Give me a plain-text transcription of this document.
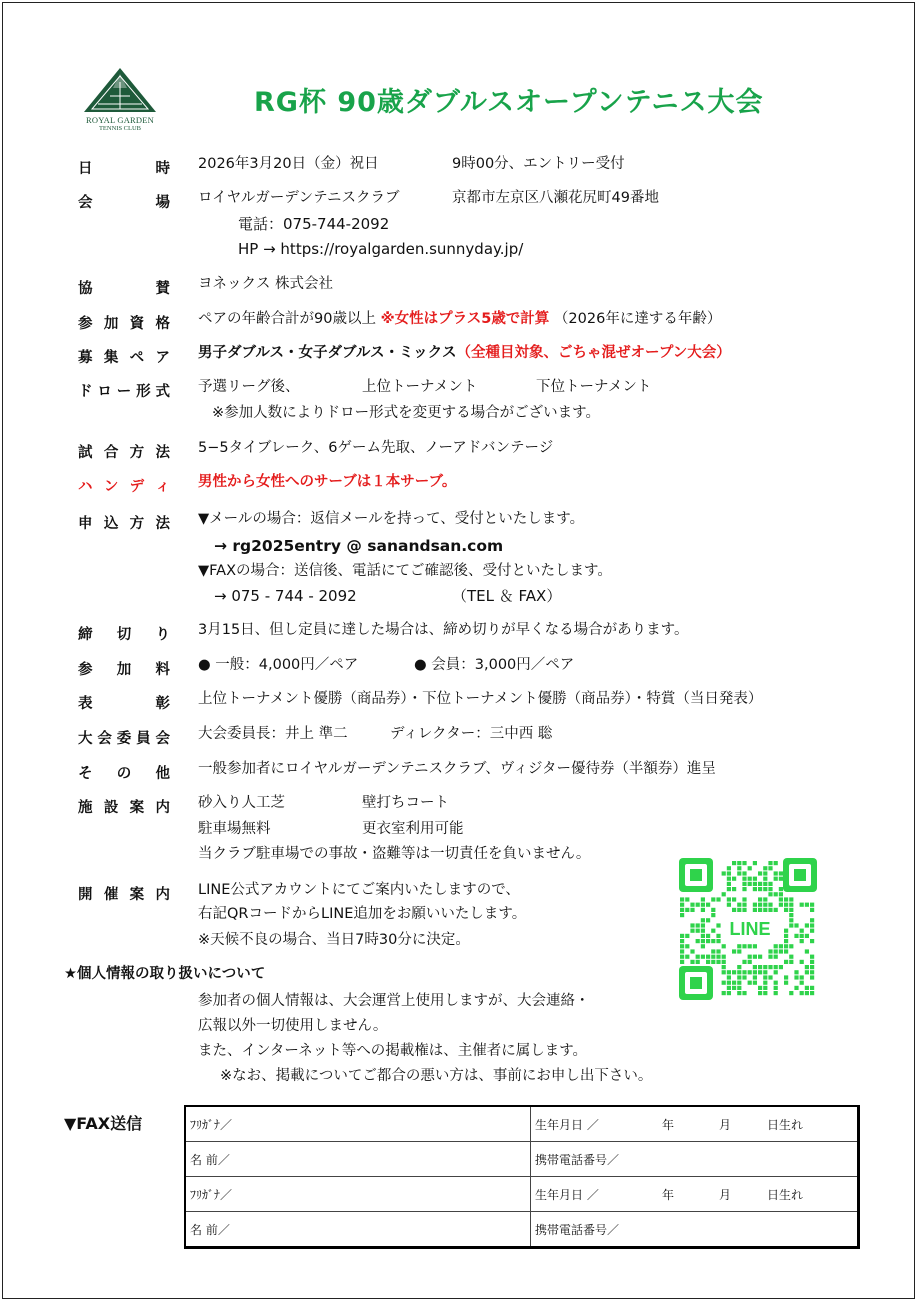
ROYAL GARDEN
TENNIS CLUB
RG杯 90歳ダブルスオープンテニス大会
日	時 2026年3月20日（金）祝日	9時00分、エントリー受付
会	場 ロイヤルガーデンテニスクラブ	京都市左京区八瀬花尻町49番地
電話：075-744-2092
HP → https://royalgarden.sunnyday.jp/
協	賛 ヨネックス 株式会社
参 加 資 格 ペアの年齢合計が90歳以上 ※女性はプラス5歳で計算 （2026年に達する年齢）
募 集 ペ ア 男子ダブルス・女子ダブルス・ミックス（全種目対象、ごちゃ混ぜオープン大会）
ド ロ ー 形 式 予選リーグ後、	上位トーナメント	下位トーナメント
※参加人数によりドロー形式を変更する場合がございます。
試 合 方 法 5−5タイブレーク、6ゲーム先取、ノーアドバンテージ
ハ ン デ ィ 男性から女性へのサーブは１本サーブ。
申 込 方 法 ▼メールの場合：返信メールを持って、受付といたします。
→ rg2025entry @ sanandsan.com
▼FAXの場合：送信後、電話にてご確認後、受付といたします。
→ 075 - 744 - 2092	（TEL ＆ FAX）
締 切 り 3月15日、但し定員に達した場合は、締め切りが早くなる場合があります。
参 加 料 ● 一般：4,000円／ペア	● 会員：3,000円／ペア
表	彰 上位トーナメント優勝（商品券）・下位トーナメント優勝（商品券）・特賞（当日発表）
大 会 委 員 会 大会委員長：井上 準二	ディレクター：三中西 聡
そ の 他 一般参加者にロイヤルガーデンテニスクラブ、ヴィジター優待券（半額券）進呈
施 設 案 内 砂入り人工芝	壁打ちコート
駐車場無料	更衣室利用可能
当クラブ駐車場での事故・盗難等は一切責任を負いません。
開 催 案 内 LINE公式アカウントにてご案内いたしますので、
右記QRコードからLINE追加をお願いいたします。
※天候不良の場合、当日7時30分に決定。
LINE
★個人情報の取り扱いについて
参加者の個人情報は、大会運営上使用しますが、大会連絡・
広報以外一切使用しません。
また、インターネット等への掲載権は、主催者に属します。
※なお、掲載についてご都合の悪い方は、事前にお申し出下さい。
▼FAX送信	ﾌﾘｶﾞﾅ／	生年月日 ／ 年 月 日生れ

名 前／	携帯電話番号／
ﾌﾘｶﾞﾅ／	生年月日 ／ 年 月 日生れ

名 前／	携帯電話番号／
